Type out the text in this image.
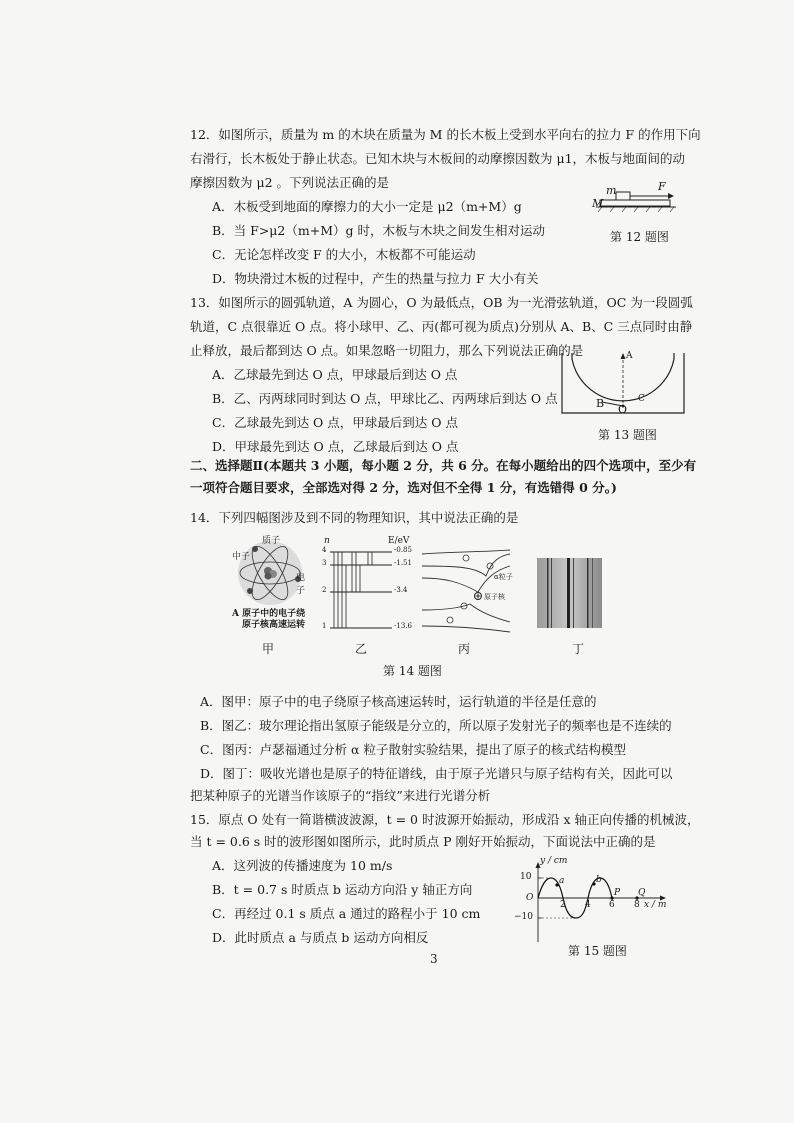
12．如图所示，质量为 m 的木块在质量为 M 的长木板上受到水平向右的拉力 F 的作用下向
右滑行，长木板处于静止状态。已知木块与木板间的动摩擦因数为 μ1，木板与地面间的动
摩擦因数为 μ2 。下列说法正确的是
A．木板受到地面的摩擦力的大小一定是 μ2（m+M）g
B．当 F>μ2（m+M）g 时，木板与木块之间发生相对运动
C．无论怎样改变 F 的大小，木板都不可能运动
D．物块滑过木板的过程中，产生的热量与拉力 F 大小有关
m
M
F
第 12 题图
13．如图所示的圆弧轨道，A 为圆心，O 为最低点，OB 为一光滑弦轨道，OC 为一段圆弧
轨道，C 点很靠近 O 点。将小球甲、乙、丙(都可视为质点)分别从 A、B、C 三点同时由静
止释放，最后都到达 O 点。如果忽略一切阻力，那么下列说法正确的是
A．乙球最先到达 O 点，甲球最后到达 O 点
B．乙、丙两球同时到达 O 点，甲球比乙、丙两球后到达 O 点
C．乙球最先到达 O 点，甲球最后到达 O 点
D．甲球最先到达 O 点，乙球最后到达 O 点
A
B O
C
第 13 题图
二、选择题Ⅱ(本题共 3 小题，每小题 2 分，共 6 分。在每小题给出的四个选项中，至少有
一项符合题目要求，全部选对得 2 分，选对但不全得 1 分，有选错得 0 分。)
14．下列四幅图涉及到不同的物理知识，其中说法正确的是
质子
中子
电子
A 原子中的电子绕
原子核高速运转
甲
n	E/eV
4
3
2
1
-0.85
-1.51
-3.4
-13.6
乙
α粒子
原子核
丙	丁
第 14 题图
A．图甲：原子中的电子绕原子核高速运转时，运行轨道的半径是任意的
B．图乙：玻尔理论指出氢原子能级是分立的，所以原子发射光子的频率也是不连续的
C．图丙：卢瑟福通过分析 α 粒子散射实验结果，提出了原子的核式结构模型
D．图丁：吸收光谱也是原子的特征谱线，由于原子光谱只与原子结构有关，因此可以
把某种原子的光谱当作该原子的“指纹”来进行光谱分析
15．原点 O 处有一简谐横波波源，t = 0 时波源开始振动，形成沿 x 轴正向传播的机械波，
当 t = 0.6 s 时的波形图如图所示，此时质点 P 刚好开始振动，下面说法中正确的是
A．这列波的传播速度为 10 m/s
B．t = 0.7 s 时质点 b 运动方向沿 y 轴正方向
C．再经过 0.1 s 质点 a 通过的路程小于 10 cm
D．此时质点 a 与质点 b 运动方向相反
y / cm
x / m
O
10
−10
2 4 6 8
a	b
P Q
第 15 题图
3
